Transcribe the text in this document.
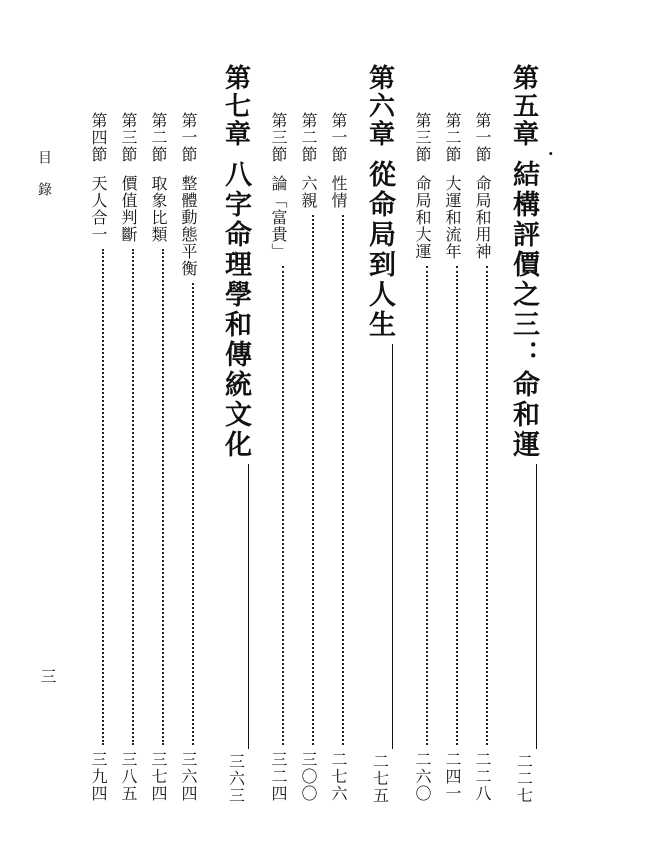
第五章
結構評價之三：命和運
二二七
.
第一節
命局和用神
二二八
第二節
大運和流年
二四一
第三節
命局和大運
二六〇
第六章
從命局到人生
二七五
第一節
性情
二七六
第二節
六親
三〇〇
第三節
論「富貴」
三二四
第七章
八字命理學和傳統文化
三六三
第一節
整體動態平衡
三六四
第二節
取象比類
三七四
第三節
價值判斷
三八五
第四節
天人合一
三九四
目錄
三
